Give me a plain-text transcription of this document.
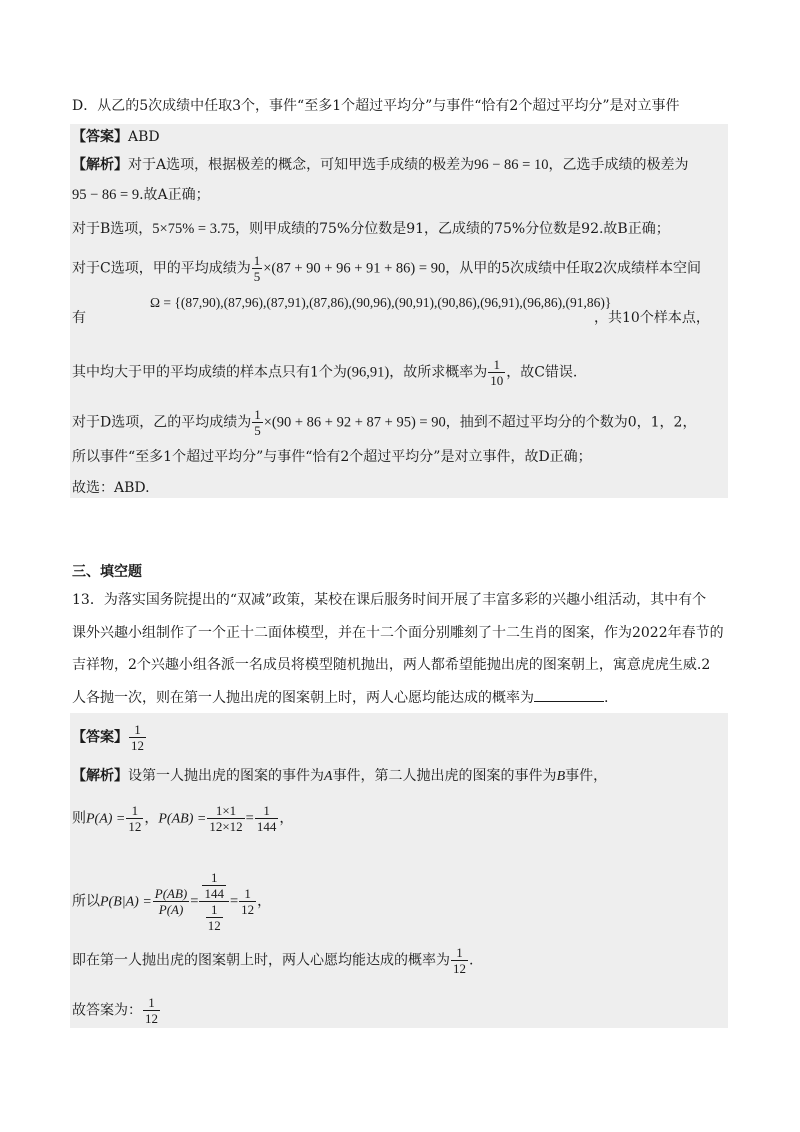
D．从乙的5次成绩中任取3个，事件“至多1个超过平均分”与事件“恰有2个超过平均分”是对立事件
【答案】ABD
【解析】对于A选项，根据极差的概念，可知甲选手成绩的极差为96 − 86 = 10，乙选手成绩的极差为
95 − 86 = 9.故A正确；
对于B选项，5×75% = 3.75，则甲成绩的75%分位数是91，乙成绩的75%分位数是92.故B正确；
对于C选项，甲的平均成绩为 $\frac{1}{5} \times(87 + 90 + 96 + 91 + 86) = 90$，从甲的5次成绩中任取2次成绩样本空间
Ω = {(87,90),(87,96),(87,91),(87,86),(90,96),(90,91),(90,86),(96,91),(96,86),(91,86)}
有	，共10个样本点，
其中均大于甲的平均成绩的样本点只有1个为(96,91)，故所求概率为 $\frac{1}{10}$ ，故C错误.
对于D选项，乙的平均成绩为 $\frac{1}{5} \times(90 + 86 + 92 + 87 + 95) = 90$，抽到不超过平均分的个数为0，1，2，
所以事件“至多1个超过平均分”与事件“恰有2个超过平均分”是对立事件，故D正确；
故选：ABD.
三、填空题
13．为落实国务院提出的“双减”政策，某校在课后服务时间开展了丰富多彩的兴趣小组活动，其中有个
课外兴趣小组制作了一个正十二面体模型，并在十二个面分别雕刻了十二生肖的图案，作为2022年春节的
吉祥物，2个兴趣小组各派一名成员将模型随机抛出，两人都希望能抛出虎的图案朝上，寓意虎虎生威.2
人各抛一次，则在第一人抛出虎的图案朝上时，两人心愿均能达成的概率为	.
【答案】 $\frac{1}{12}$
【解析】设第一人抛出虎的图案的事件为A事件，第二人抛出虎的图案的事件为B事件，
则$P(A) = \frac{1}{12}$ ，$P(AB) = \frac{1\times 1}{12\times 12} = \frac{1}{144}$ ，
所以$P(B|A) = \frac{P(AB)}{P(A)} = \frac{\frac{1}{144}}{\frac{1}{12}} = \frac{1}{12}$ ，
即在第一人抛出虎的图案朝上时，两人心愿均能达成的概率为 $\frac{1}{12}$ .
故答案为： $\frac{1}{12}$
